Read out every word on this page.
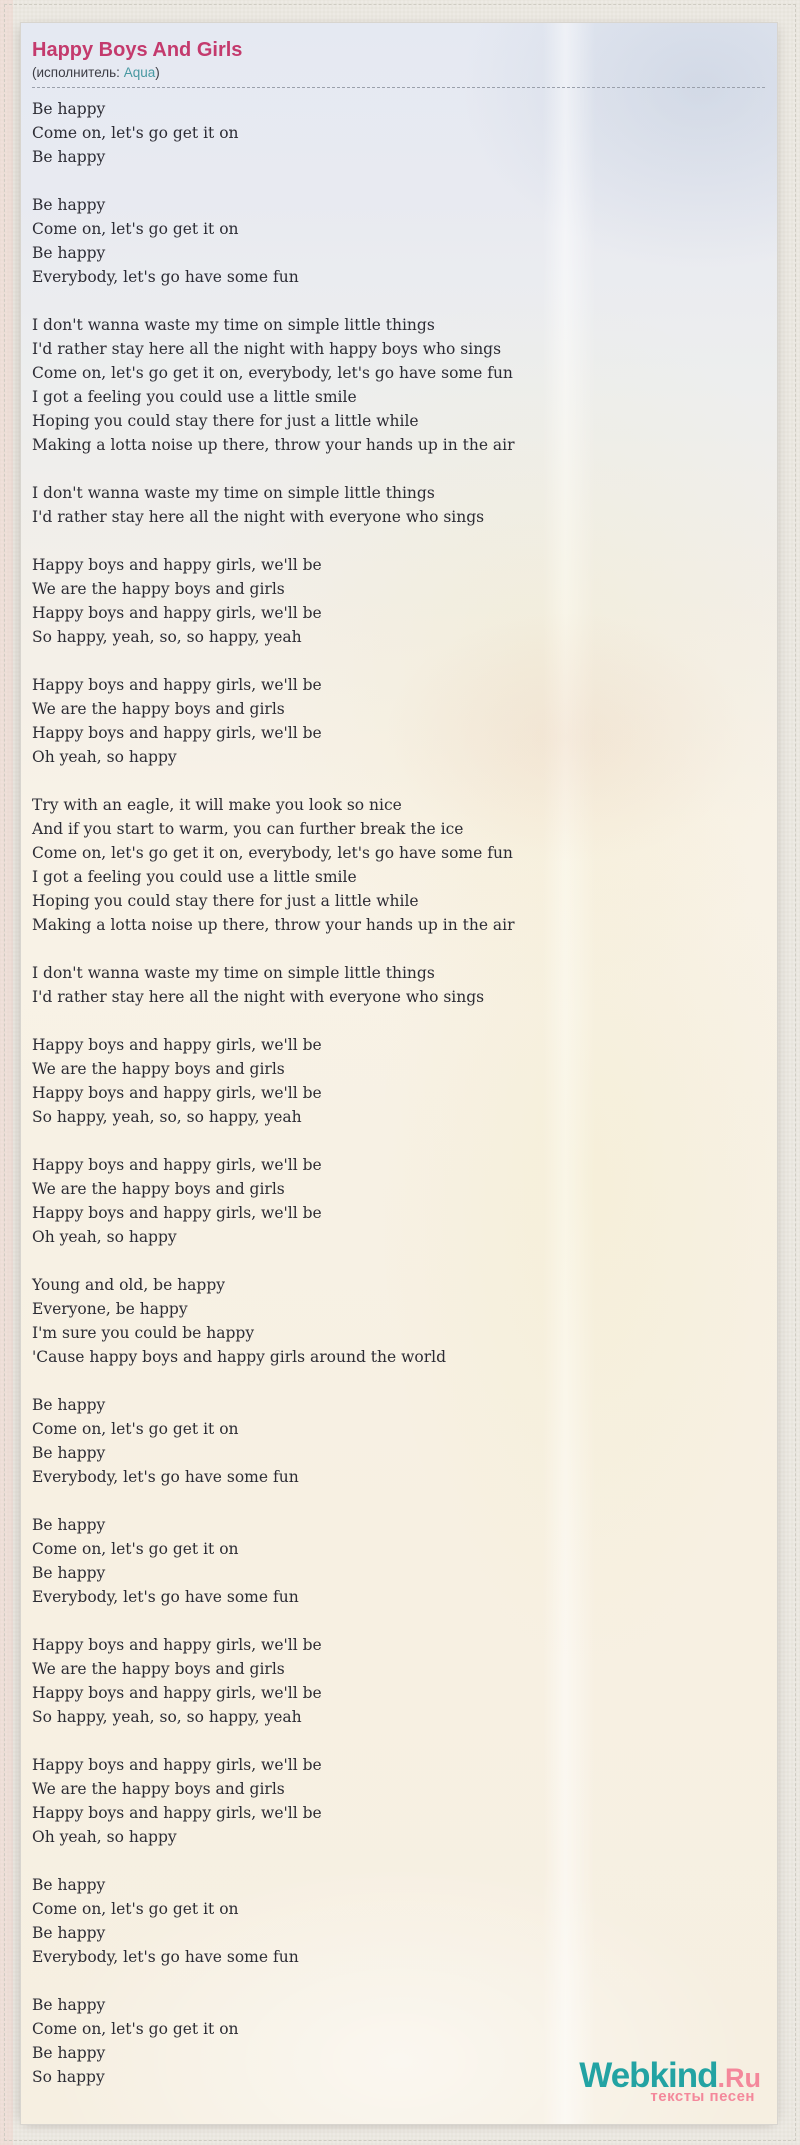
Happy Boys And Girls
(исполнитель: Aqua)

Be happy
Come on, let's go get it on
Be happy

Be happy
Come on, let's go get it on
Be happy
Everybody, let's go have some fun

I don't wanna waste my time on simple little things
I'd rather stay here all the night with happy boys who sings
Come on, let's go get it on, everybody, let's go have some fun
I got a feeling you could use a little smile
Hoping you could stay there for just a little while
Making a lotta noise up there, throw your hands up in the air

I don't wanna waste my time on simple little things
I'd rather stay here all the night with everyone who sings

Happy boys and happy girls, we'll be
We are the happy boys and girls
Happy boys and happy girls, we'll be
So happy, yeah, so, so happy, yeah

Happy boys and happy girls, we'll be
We are the happy boys and girls
Happy boys and happy girls, we'll be
Oh yeah, so happy

Try with an eagle, it will make you look so nice
And if you start to warm, you can further break the ice
Come on, let's go get it on, everybody, let's go have some fun
I got a feeling you could use a little smile
Hoping you could stay there for just a little while
Making a lotta noise up there, throw your hands up in the air

I don't wanna waste my time on simple little things
I'd rather stay here all the night with everyone who sings

Happy boys and happy girls, we'll be
We are the happy boys and girls
Happy boys and happy girls, we'll be
So happy, yeah, so, so happy, yeah

Happy boys and happy girls, we'll be
We are the happy boys and girls
Happy boys and happy girls, we'll be
Oh yeah, so happy

Young and old, be happy
Everyone, be happy
I'm sure you could be happy
'Cause happy boys and happy girls around the world

Be happy
Come on, let's go get it on
Be happy
Everybody, let's go have some fun

Be happy
Come on, let's go get it on
Be happy
Everybody, let's go have some fun

Happy boys and happy girls, we'll be
We are the happy boys and girls
Happy boys and happy girls, we'll be
So happy, yeah, so, so happy, yeah

Happy boys and happy girls, we'll be
We are the happy boys and girls
Happy boys and happy girls, we'll be
Oh yeah, so happy

Be happy
Come on, let's go get it on
Be happy
Everybody, let's go have some fun

Be happy
Come on, let's go get it on
Be happy
So happy	Webkind.Ru
тексты песен
